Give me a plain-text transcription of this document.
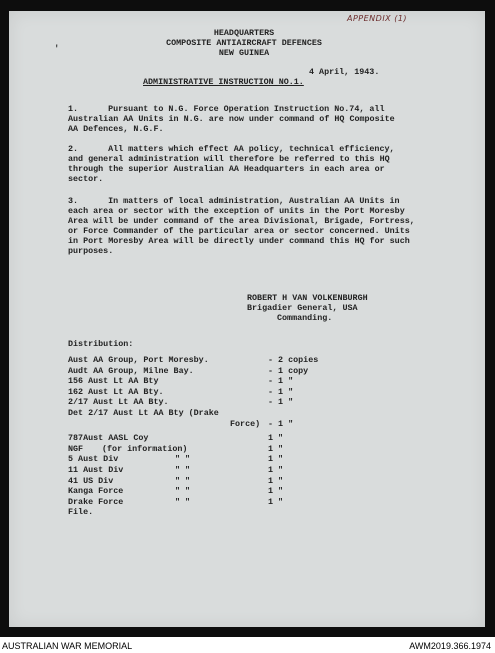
APPENDIX (1)
'
HEADQUARTERS
COMPOSITE ANTIAIRCRAFT DEFENCES
NEW GUINEA
4 April, 1943.
ADMINISTRATIVE INSTRUCTION NO.1.
1.	Pursuant to N.G. Force Operation Instruction No.74, all
Australian AA Units in N.G. are now under command of HQ Composite
AA Defences, N.G.F.
2.	All matters which effect AA policy, technical efficiency,
and general administration will therefore be referred to this HQ
through the superior Australian AA Headquarters in each area or
sector.
3.	In matters of local administration, Australian AA Units in
each area or sector with the exception of units in the Port Moresby
Area will be under command of the area Divisional, Brigade, Fortress,
or Force Commander of the particular area or sector concerned. Units
in Port Moresby Area will be directly under command this HQ for such
purposes.
ROBERT H VAN VOLKENBURGH
Brigadier General, USA
Commanding.
Distribution:
Aust AA Group, Port Moresby.	- 2 copies
Audt AA Group, Milne Bay.	- 1 copy
156 Aust Lt AA Bty	- 1 "
162 Aust Lt AA Bty.	- 1 "
2/17 Aust Lt AA Bty.	- 1 "
Det 2/17 Aust Lt AA Bty (Drake
Force) - 1 "
787Aust AASL Coy	1 "
NGF (for information)	1 "
5 Aust Div	" "	1 "
11 Aust Div	" "	1 "
41 US Div	" "	1 "
Kanga Force	" "	1 "
Drake Force	" "	1 "
File.
AUSTRALIAN WAR MEMORIAL	AWM2019.366.1974
